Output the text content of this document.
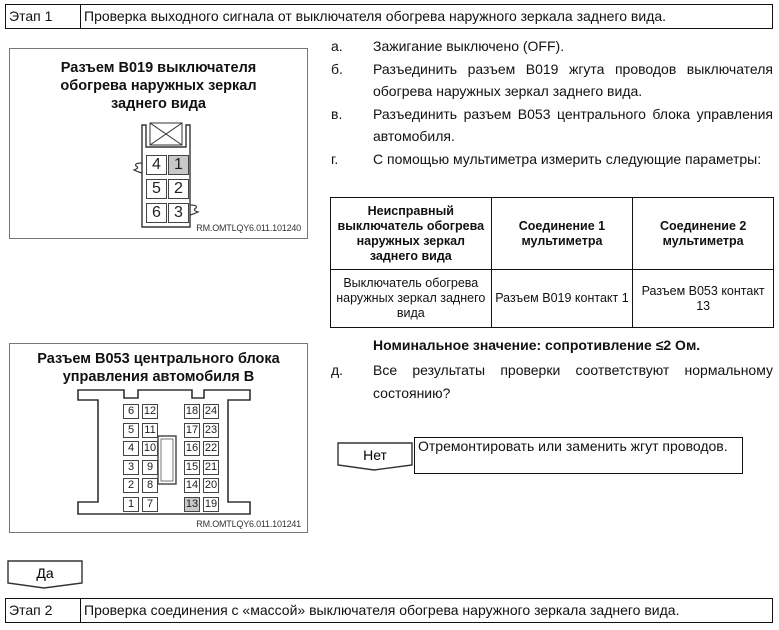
Этап 1	Проверка выходного сигнала от выключателя обогрева наружного зеркала заднего вида.
Разъем B019 выключателя
обогрева наружных зеркал
заднего вида
4 1
5 2
6 3
RM.OMTLQY6.011.101240
а.	Зажигание выключено (OFF).
б.	Разъединить разъем B019 жгута проводов выключателя обогрева наружных зеркал заднего вида.
в.	Разъединить разъем B053 центрального блока управления автомобиля.
г.	С помощью мультиметра измерить следующие параметры:
Неисправный выключатель обогрева наружных зеркал заднего вида	Соединение 1 мультиметра	Соединение 2 мультиметра
Выключатель обогрева наружных зеркал заднего вида	Разъем B019 контакт 1	Разъем B053 контакт 13
Номинальное значение: сопротивление ≤2 Ом.
д.	Все результаты проверки соответствуют нормальному состоянию?
Разъем B053 центрального блока
управления автомобиля B
6 12
5 11
4 10
3	9
2	8
1	7
18 24
17 23
16 22
15 21
14 20
13 19
RM.OMTLQY6.011.101241
Нет
Отремонтировать или заменить жгут проводов.
Да
Этап 2	Проверка соединения с «массой» выключателя обогрева наружного зеркала заднего вида.
